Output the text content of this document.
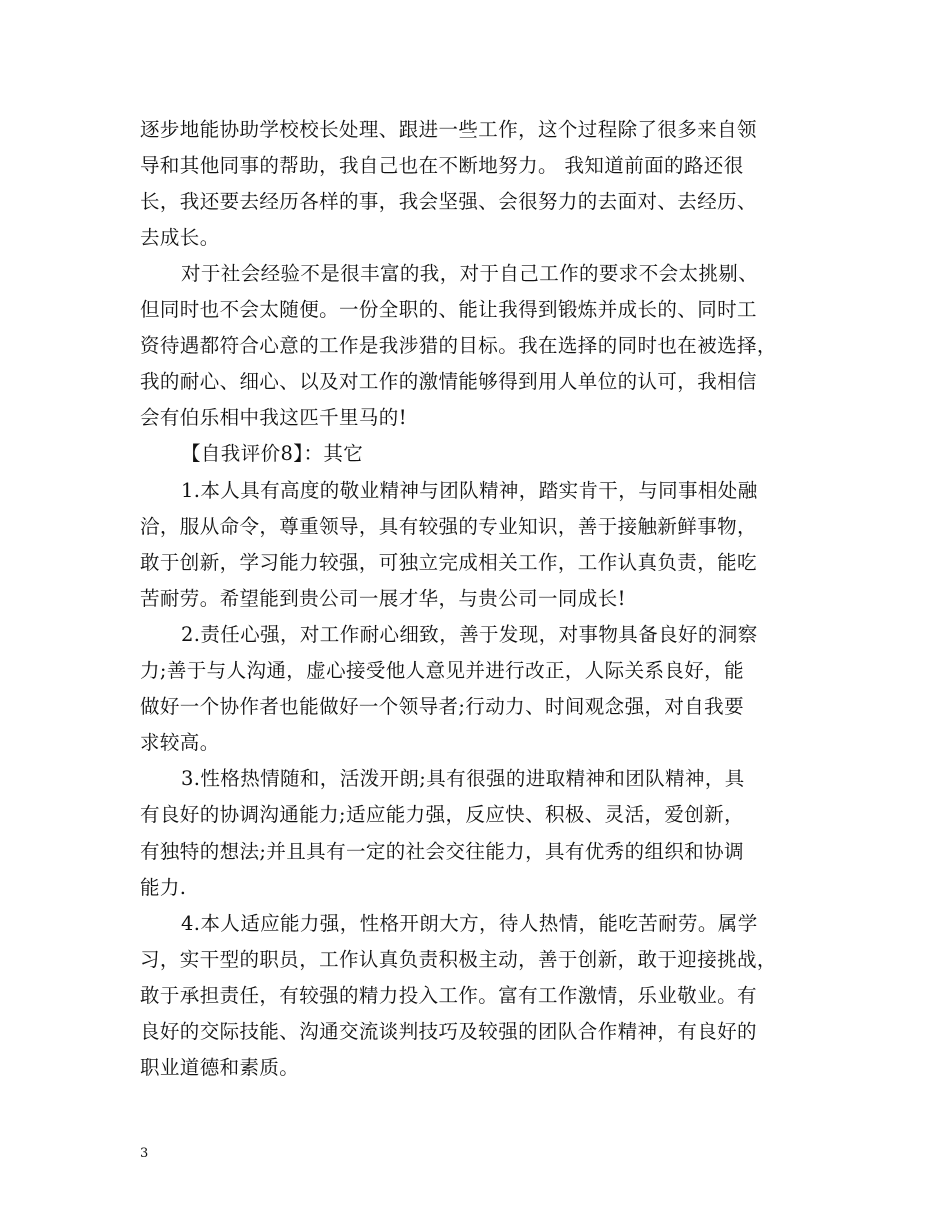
逐步地能协助学校校长处理、跟进一些工作，这个过程除了很多来自领
导和其他同事的帮助，我自己也在不断地努力。 我知道前面的路还很
长，我还要去经历各样的事，我会坚强、会很努力的去面对、去经历、
去成长。
对于社会经验不是很丰富的我，对于自己工作的要求不会太挑剔、
但同时也不会太随便。一份全职的、能让我得到锻炼并成长的、同时工
资待遇都符合心意的工作是我涉猎的目标。我在选择的同时也在被选择，
我的耐心、细心、以及对工作的激情能够得到用人单位的认可，我相信
会有伯乐相中我这匹千里马的!
【自我评价8】：其它
1.本人具有高度的敬业精神与团队精神，踏实肯干，与同事相处融
洽，服从命令，尊重领导，具有较强的专业知识，善于接触新鲜事物，
敢于创新，学习能力较强，可独立完成相关工作，工作认真负责，能吃
苦耐劳。希望能到贵公司一展才华，与贵公司一同成长!
2.责任心强，对工作耐心细致，善于发现，对事物具备良好的洞察
力;善于与人沟通，虚心接受他人意见并进行改正，人际关系良好，能
做好一个协作者也能做好一个领导者;行动力、时间观念强，对自我要
求较高。
3.性格热情随和，活泼开朗;具有很强的进取精神和团队精神，具
有良好的协调沟通能力;适应能力强，反应快、积极、灵活，爱创新，
有独特的想法;并且具有一定的社会交往能力，具有优秀的组织和协调
能力.
4.本人适应能力强，性格开朗大方，待人热情，能吃苦耐劳。属学
习，实干型的职员，工作认真负责积极主动，善于创新，敢于迎接挑战，
敢于承担责任，有较强的精力投入工作。富有工作激情，乐业敬业。有
良好的交际技能、沟通交流谈判技巧及较强的团队合作精神，有良好的
职业道德和素质。
3
